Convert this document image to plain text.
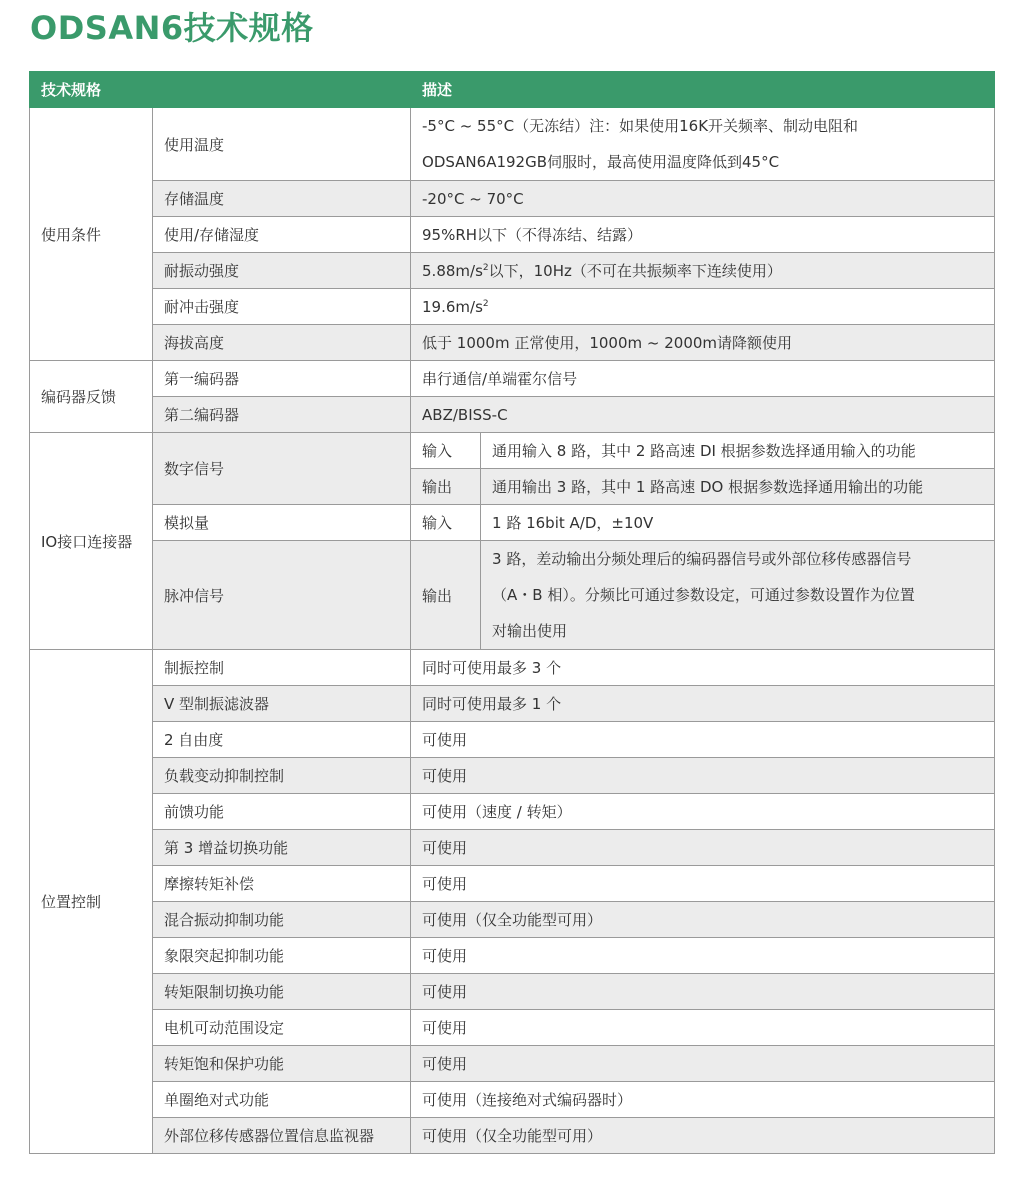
ODSAN6技术规格
技术规格		描述	
使用条件	使用温度	-5°C ~ 55°C（无冻结）注：如果使用16K开关频率、制动电阻和
ODSAN6A192GB伺服时，最高使用温度降低到45°C	

	存储温度	-20°C ~ 70°C	
	使用/存储湿度	95%RH以下（不得冻结、结露）	
	耐振动强度	$5.88m/s^2$以下，10Hz（不可在共振频率下连续使用）	
	耐冲击强度	$19.6m/s^2$
	海拔高度	低于 1000m 正常使用，1000m ~ 2000m请降额使用	
编码器反馈	第一编码器	串行通信/单端霍尔信号	
	第二编码器	ABZ/BISS-C	
IO接口连接器	数字信号	输入	通用输入 8 路，其中 2 路高速 DI 根据参数选择通用输入的功能
		输出	通用输出 3 路，其中 1 路高速 DO 根据参数选择通用输出的功能
	模拟量	输入	1 路 16bit A/D，±10V
	脉冲信号	输出	3 路，差动输出分频处理后的编码器信号或外部位移传感器信号
（A・B 相）。分频比可通过参数设定，可通过参数设置作为位置
对输出使用

位置控制	制振控制	同时可使用最多 3 个	
	V 型制振滤波器	同时可使用最多 1 个	
	2 自由度	可使用	
	负载变动抑制控制	可使用	
	前馈功能	可使用（速度 / 转矩）	
	第 3 增益切换功能	可使用	
	摩擦转矩补偿	可使用	
	混合振动抑制功能	可使用（仅全功能型可用）	
	象限突起抑制功能	可使用	
	转矩限制切换功能	可使用	
	电机可动范围设定	可使用	
	转矩饱和保护功能	可使用	
	单圈绝对式功能	可使用（连接绝对式编码器时）	
	外部位移传感器位置信息监视器	可使用（仅全功能型可用）	
